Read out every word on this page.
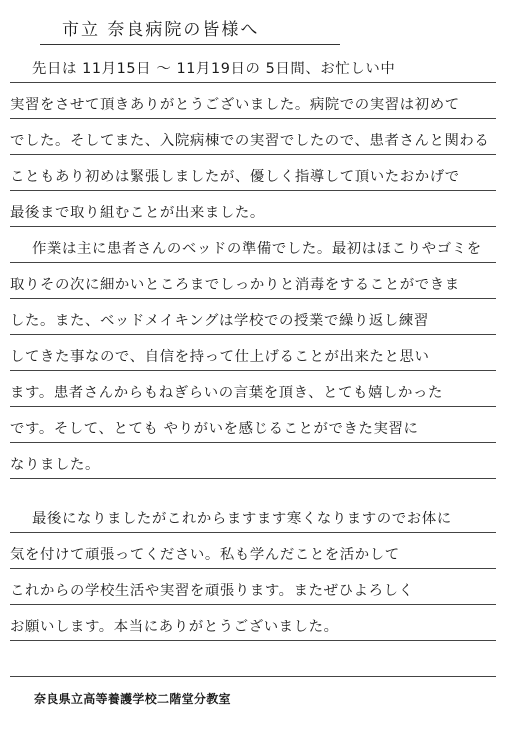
市立 奈良病院の皆様へ
先日は 11月15日 ～ 11月19日の 5日間、お忙しい中
実習をさせて頂きありがとうございました。病院での実習は初めて
でした。そしてまた、入院病棟での実習でしたので、患者さんと関わる
こともあり初めは緊張しましたが、優しく指導して頂いたおかげで
最後まで取り組むことが出来ました。
作業は主に患者さんのベッドの準備でした。最初はほこりやゴミを
取りその次に細かいところまでしっかりと消毒をすることができま
した。また、ベッドメイキングは学校での授業で繰り返し練習
してきた事なので、自信を持って仕上げることが出来たと思い
ます。患者さんからもねぎらいの言葉を頂き、とても嬉しかった
です。そして、とても やりがいを感じることができた実習に
なりました。
最後になりましたがこれからますます寒くなりますのでお体に
気を付けて頑張ってください。私も学んだことを活かして
これからの学校生活や実習を頑張ります。またぜひよろしく
お願いします。本当にありがとうございました。
奈良県立高等養護学校二階堂分教室
